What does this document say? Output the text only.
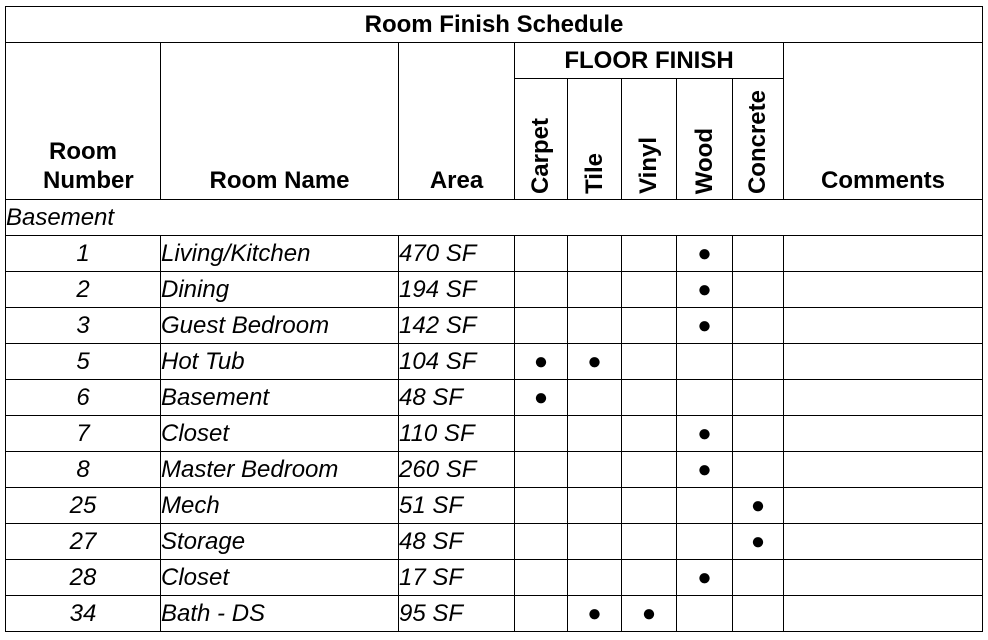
Room Finish Schedule								

Room Number	Room Name	Area	FLOOR FINISH					Comments
			Carpet	Tile	Vinyl	Wood	Concrete	
Basement								
1	Living/Kitchen	470 SF				●		
2	Dining	194 SF				●		
3	Guest Bedroom	142 SF				●		
5	Hot Tub	104 SF	●	●				
6	Basement	48 SF	●					
7	Closet	110 SF				●		
8	Master Bedroom	260 SF				●		
25	Mech	51 SF					●	
27	Storage	48 SF					●	
28	Closet	17 SF				●		
34	Bath - DS	95 SF		●	●			
